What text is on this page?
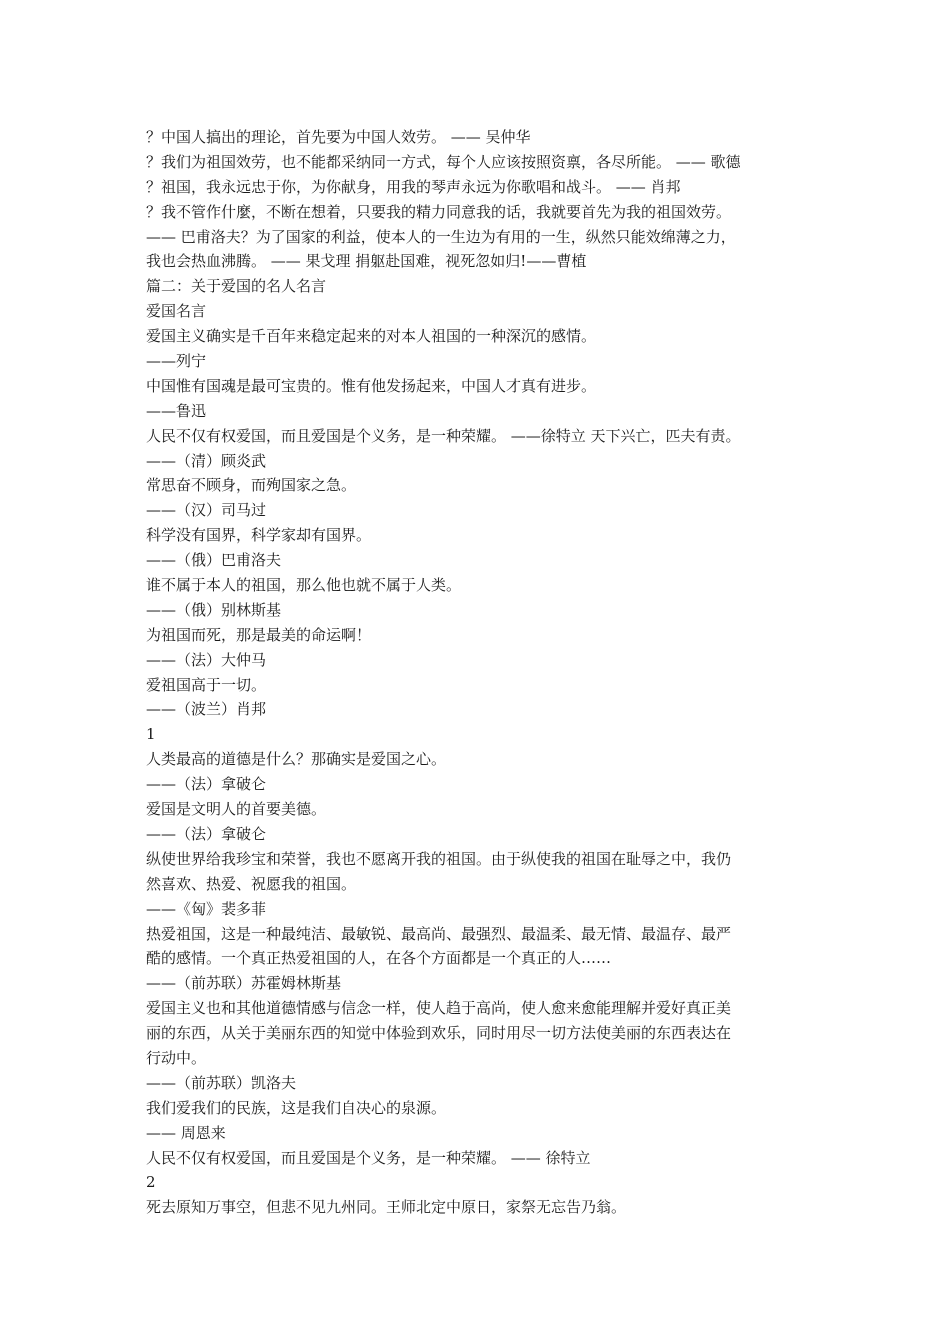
？中国人搞出的理论，首先要为中国人效劳。 —— 吴仲华
？我们为祖国效劳，也不能都采纳同一方式，每个人应该按照资禀，各尽所能。 —— 歌德
？祖国，我永远忠于你，为你献身，用我的琴声永远为你歌唱和战斗。 —— 肖邦
？我不管作什麼，不断在想着，只要我的精力同意我的话，我就要首先为我的祖国效劳。
—— 巴甫洛夫？为了国家的利益，使本人的一生边为有用的一生，纵然只能效绵薄之力，
我也会热血沸腾。 —— 果戈理 捐躯赴国难，视死忽如归!——曹植
篇二：关于爱国的名人名言
爱国名言
爱国主义确实是千百年来稳定起来的对本人祖国的一种深沉的感情。
——列宁
中国惟有国魂是最可宝贵的。惟有他发扬起来，中国人才真有进步。
——鲁迅
人民不仅有权爱国，而且爱国是个义务，是一种荣耀。 ——徐特立 天下兴亡，匹夫有责。
——（清）顾炎武
常思奋不顾身，而殉国家之急。
——（汉）司马过
科学没有国界，科学家却有国界。
——（俄）巴甫洛夫
谁不属于本人的祖国，那么他也就不属于人类。
——（俄）别林斯基
为祖国而死，那是最美的命运啊！
——（法）大仲马
爱祖国高于一切。
——（波兰）肖邦
1
人类最高的道德是什么？那确实是爱国之心。
——（法）拿破仑
爱国是文明人的首要美德。
——（法）拿破仑
纵使世界给我珍宝和荣誉，我也不愿离开我的祖国。由于纵使我的祖国在耻辱之中，我仍
然喜欢、热爱、祝愿我的祖国。
——《匈》裴多菲
热爱祖国，这是一种最纯洁、最敏锐、最高尚、最强烈、最温柔、最无情、最温存、最严
酷的感情。一个真正热爱祖国的人，在各个方面都是一个真正的人……
——（前苏联）苏霍姆林斯基
爱国主义也和其他道德情感与信念一样，使人趋于高尚，使人愈来愈能理解并爱好真正美
丽的东西，从关于美丽东西的知觉中体验到欢乐，同时用尽一切方法使美丽的东西表达在
行动中。
——（前苏联）凯洛夫
我们爱我们的民族，这是我们自决心的泉源。
—— 周恩来
人民不仅有权爱国，而且爱国是个义务，是一种荣耀。 —— 徐特立
2
死去原知万事空，但悲不见九州同。王师北定中原日，家祭无忘告乃翁。
